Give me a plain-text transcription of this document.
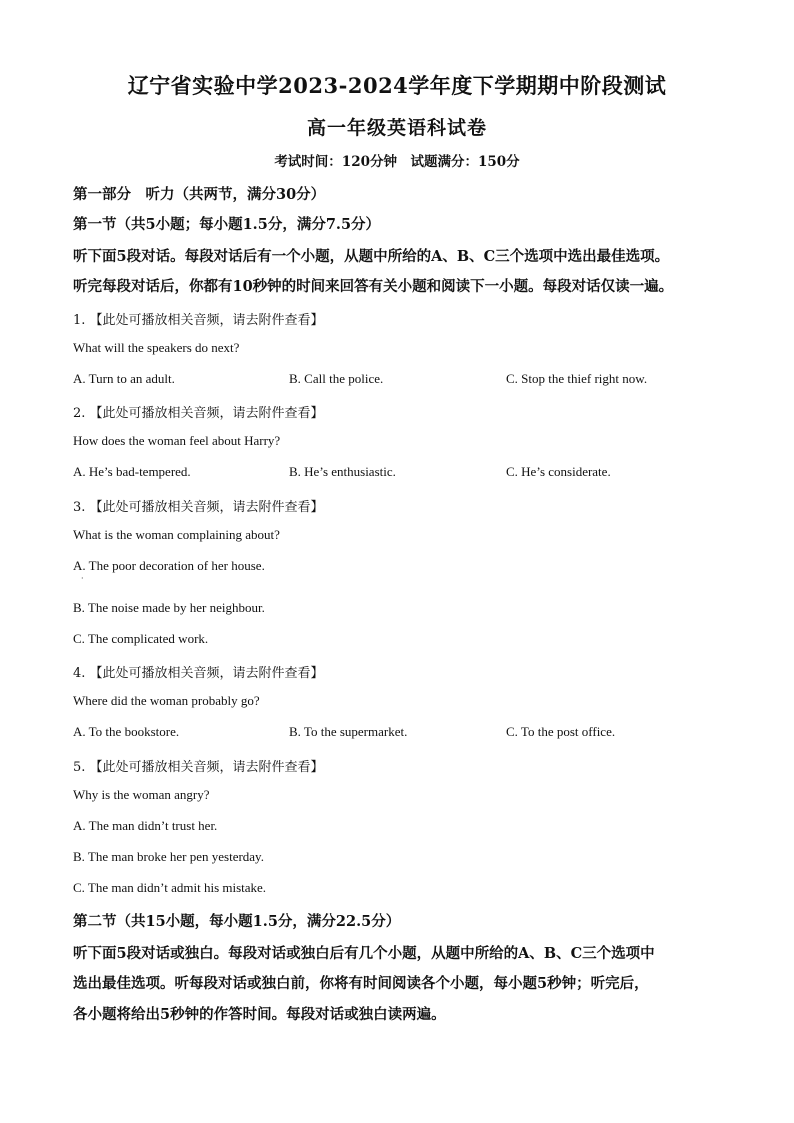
辽宁省实验中学2023-2024学年度下学期期中阶段测试
高一年级英语科试卷
考试时间：120分钟　试题满分：150分
第一部分　听力（共两节，满分30分）
第一节（共5小题；每小题1.5分，满分7.5分）
听下面5段对话。每段对话后有一个小题，从题中所给的A、B、C三个选项中选出最佳选项。
听完每段对话后，你都有10秒钟的时间来回答有关小题和阅读下一小题。每段对话仅读一遍。
1. 【此处可播放相关音频，请去附件查看】
What will the speakers do next?
A. Turn to an adult.	B. Call the police.	C. Stop the thief right now.
2. 【此处可播放相关音频，请去附件查看】
How does the woman feel about Harry?
A. He’s bad-tempered.	B. He’s enthusiastic.	C. He’s considerate.
3. 【此处可播放相关音频，请去附件查看】
What is the woman complaining about?
A. The poor decoration of her house.
·
B. The noise made by her neighbour.
C. The complicated work.
4. 【此处可播放相关音频，请去附件查看】
Where did the woman probably go?
A. To the bookstore.	B. To the supermarket.	C. To the post office.
5. 【此处可播放相关音频，请去附件查看】
Why is the woman angry?
A. The man didn’t trust her.
B. The man broke her pen yesterday.
C. The man didn’t admit his mistake.
第二节（共15小题，每小题1.5分，满分22.5分）
听下面5段对话或独白。每段对话或独白后有几个小题，从题中所给的A、B、C三个选项中
选出最佳选项。听每段对话或独白前，你将有时间阅读各个小题，每小题5秒钟；听完后，
各小题将给出5秒钟的作答时间。每段对话或独白读两遍。
